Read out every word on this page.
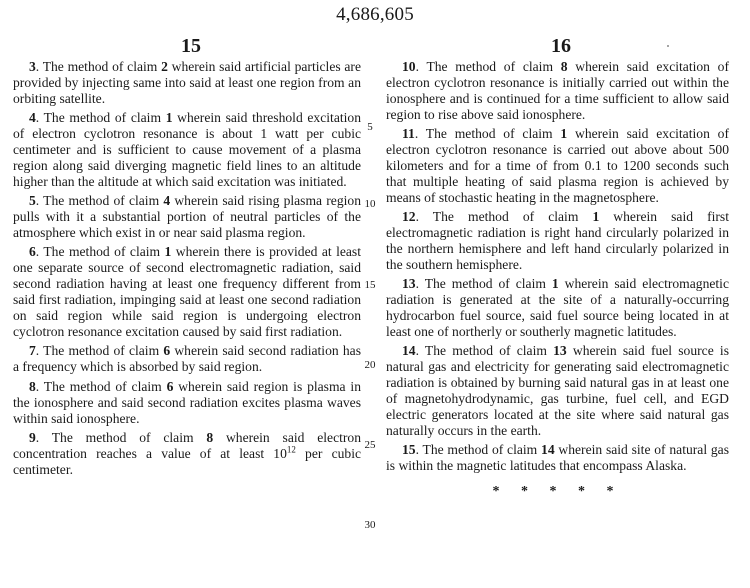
4,686,605
15	16

3. The method of claim 2 wherein said artificial particles are provided by injecting same into said at least one region from an orbiting satellite.

4. The method of claim 1 wherein said threshold excitation of electron cyclotron resonance is about 1 watt per cubic centimeter and is sufficient to cause movement of a plasma region along said diverging magnetic field lines to an altitude higher than the altitude at which said excitation was initiated.

5. The method of claim 4 wherein said rising plasma region pulls with it a substantial portion of neutral particles of the atmosphere which exist in or near said plasma region.

6. The method of claim 1 wherein there is provided at least one separate source of second electromagnetic radiation, said second radiation having at least one frequency different from said first radiation, impinging said at least one second radiation on said region while said region is undergoing electron cyclotron resonance excitation caused by said first radiation.

7. The method of claim 6 wherein said second radiation has a frequency which is absorbed by said region.

8. The method of claim 6 wherein said region is plasma in the ionosphere and said second radiation excites plasma waves within said ionosphere.

9. The method of claim 8 wherein said electron concentration reaches a value of at least $10^{12}$ per cubic centimeter.

10. The method of claim 8 wherein said excitation of electron cyclotron resonance is initially carried out within the ionosphere and is continued for a time sufficient to allow said region to rise above said ionosphere.

11. The method of claim 1 wherein said excitation of electron cyclotron resonance is carried out above about 500 kilometers and for a time of from 0.1 to 1200 seconds such that multiple heating of said plasma region is achieved by means of stochastic heating in the magnetosphere.

12. The method of claim 1 wherein said first electromagnetic radiation is right hand circularly polarized in the northern hemisphere and left hand circularly polarized in the southern hemisphere.

13. The method of claim 1 wherein said electromagnetic radiation is generated at the site of a naturally-occurring hydrocarbon fuel source, said fuel source being located in at least one of northerly or southerly magnetic latitudes.

14. The method of claim 13 wherein said fuel source is natural gas and electricity for generating said electromagnetic radiation is obtained by burning said natural gas in at least one of magnetohydrodynamic, gas turbine, fuel cell, and EGD electric generators located at the site where said natural gas naturally occurs in the earth.

15. The method of claim 14 wherein said site of natural gas is within the magnetic latitudes that encompass Alaska.

* * * * *
5
10
15
20
25
30
